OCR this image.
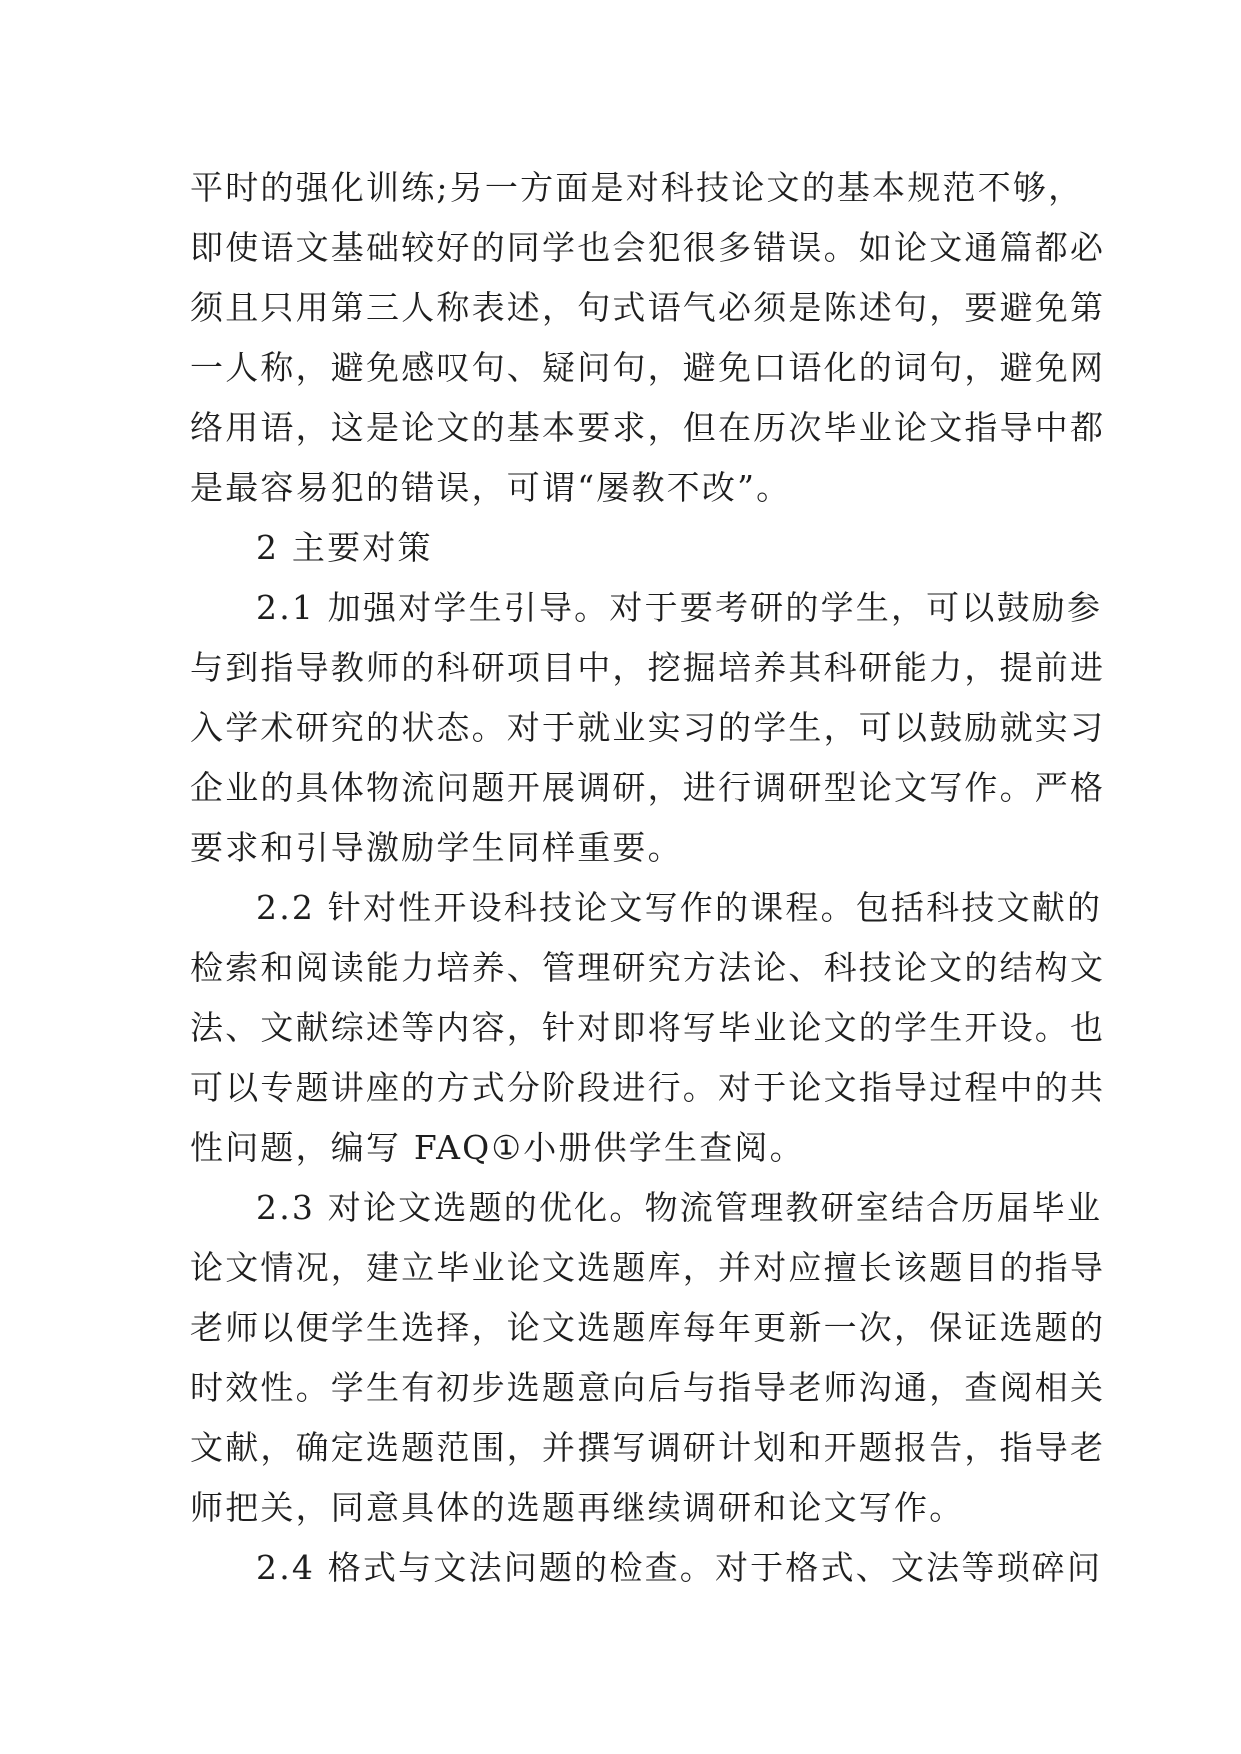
平时的强化训练;另一方面是对科技论文的基本规范不够，
即使语文基础较好的同学也会犯很多错误。如论文通篇都必
须且只用第三人称表述，句式语气必须是陈述句，要避免第
一人称，避免感叹句、疑问句，避免口语化的词句，避免网
络用语，这是论文的基本要求，但在历次毕业论文指导中都
是最容易犯的错误，可谓“屡教不改”。
2 主要对策
2.1 加强对学生引导。对于要考研的学生，可以鼓励参
与到指导教师的科研项目中，挖掘培养其科研能力，提前进
入学术研究的状态。对于就业实习的学生，可以鼓励就实习
企业的具体物流问题开展调研，进行调研型论文写作。严格
要求和引导激励学生同样重要。
2.2 针对性开设科技论文写作的课程。包括科技文献的
检索和阅读能力培养、管理研究方法论、科技论文的结构文
法、文献综述等内容，针对即将写毕业论文的学生开设。也
可以专题讲座的方式分阶段进行。对于论文指导过程中的共
性问题，编写 FAQ①小册供学生查阅。
2.3 对论文选题的优化。物流管理教研室结合历届毕业
论文情况，建立毕业论文选题库，并对应擅长该题目的指导
老师以便学生选择，论文选题库每年更新一次，保证选题的
时效性。学生有初步选题意向后与指导老师沟通，查阅相关
文献，确定选题范围，并撰写调研计划和开题报告，指导老
师把关，同意具体的选题再继续调研和论文写作。
2.4 格式与文法问题的检查。对于格式、文法等琐碎问
